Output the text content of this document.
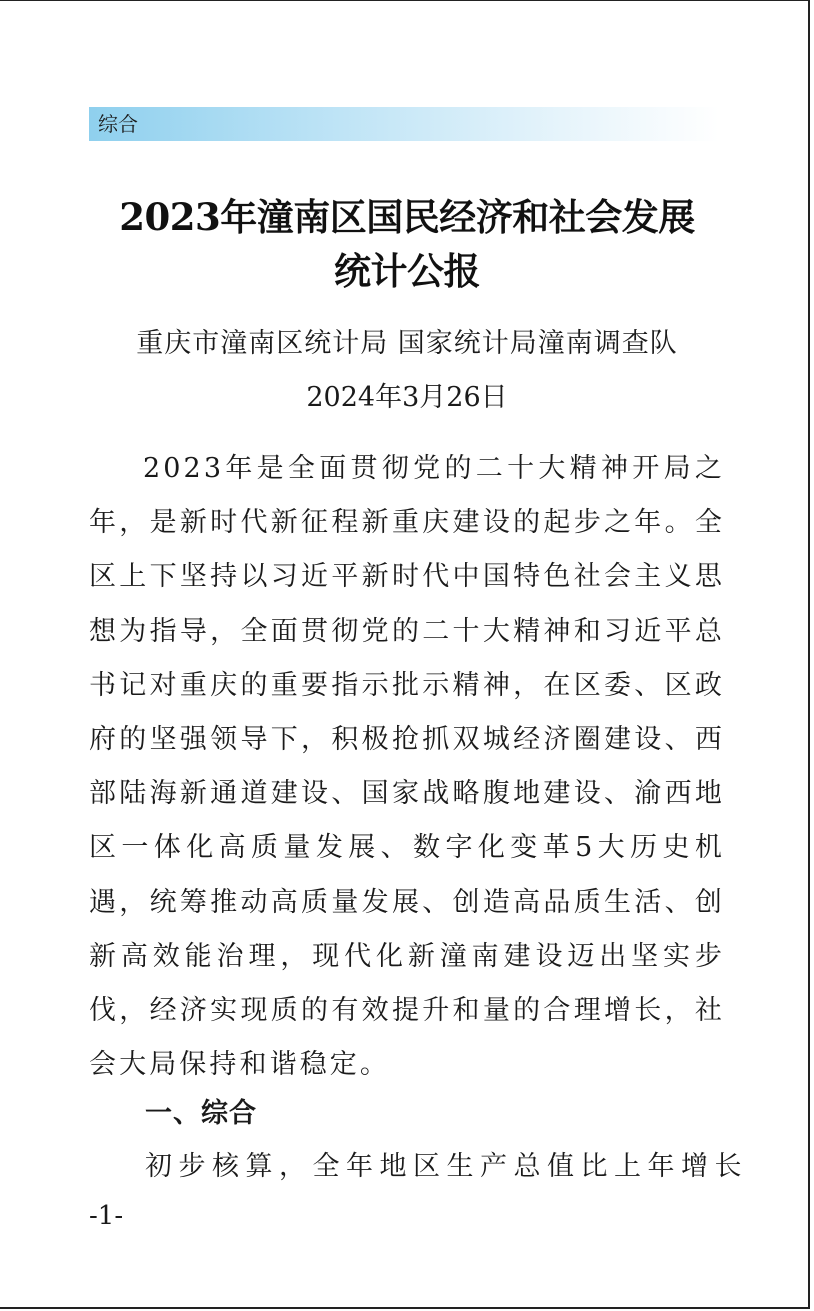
综合
2023年潼南区国民经济和社会发展
统计公报
重庆市潼南区统计局 国家统计局潼南调查队
2024年3月26日

2023年是全面贯彻党的二十大精神开局之年，是新时代新征程新重庆建设的起步之年。全区上下坚持以习近平新时代中国特色社会主义思想为指导，全面贯彻党的二十大精神和习近平总书记对重庆的重要指示批示精神，在区委、区政府的坚强领导下，积极抢抓双城经济圈建设、西部陆海新通道建设、国家战略腹地建设、渝西地区一体化高质量发展、数字化变革5大历史机遇，统筹推动高质量发展、创造高品质生活、创新高效能治理，现代化新潼南建设迈出坚实步伐，经济实现质的有效提升和量的合理增长，社会大局保持和谐稳定。

一、综合
初步核算，全年地区生产总值比上年增长
-1-
